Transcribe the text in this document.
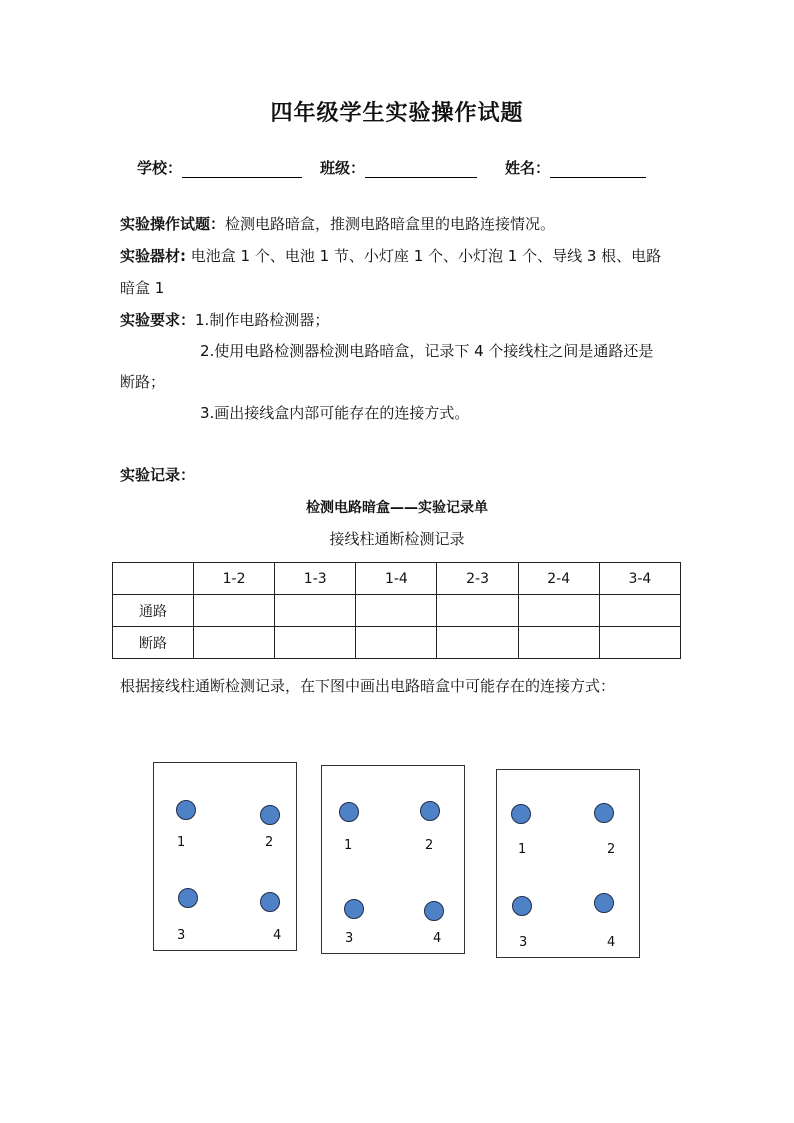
四年级学生实验操作试题
学校：	班级：	姓名：
实验操作试题：检测电路暗盒，推测电路暗盒里的电路连接情况。
实验器材: 电池盒 1 个、电池 1 节、小灯座 1 个、小灯泡 1 个、导线 3 根、电路
暗盒 1
实验要求：1.制作电路检测器；
2.使用电路检测器检测电路暗盒，记录下 4 个接线柱之间是通路还是
断路；
3.画出接线盒内部可能存在的连接方式。
实验记录：
检测电路暗盒——实验记录单
接线柱通断检测记录
	1-2	1-3	1-4	2-3	2-4	3-4
通路						
断路						
根据接线柱通断检测记录，在下图中画出电路暗盒中可能存在的连接方式：
1	2
3	4
1	2
3	4
1	2
3	4
